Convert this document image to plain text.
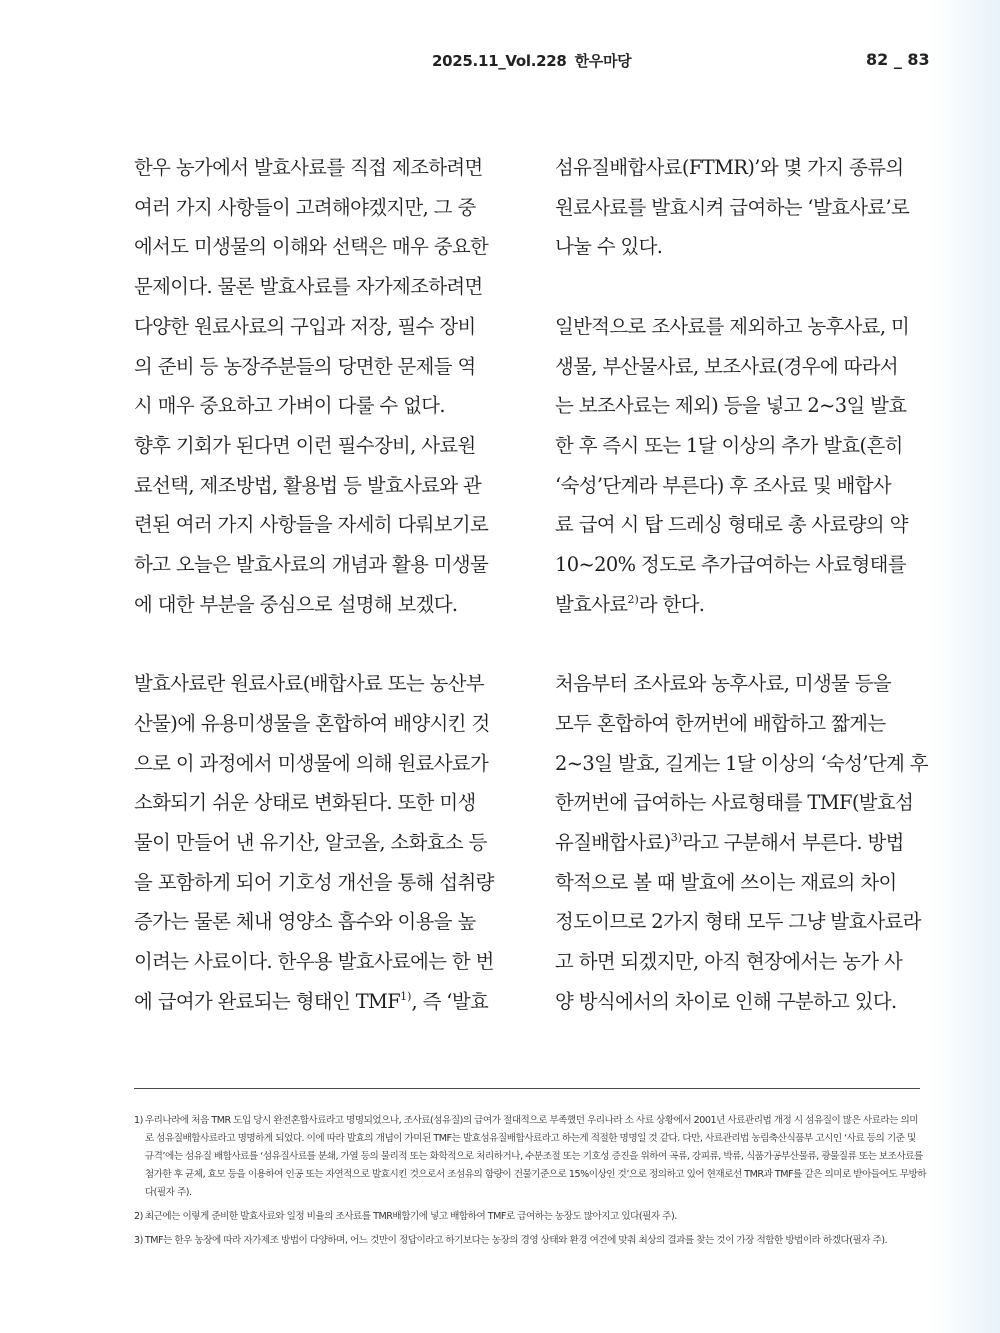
2025.11_Vol.228 한우마당	82 _ 83

한우 농가에서 발효사료를 직접 제조하려면

여러 가지 사항들이 고려해야겠지만, 그 중

에서도 미생물의 이해와 선택은 매우 중요한

문제이다. 물론 발효사료를 자가제조하려면

다양한 원료사료의 구입과 저장, 필수 장비

의 준비 등 농장주분들의 당면한 문제들 역

시 매우 중요하고 가벼이 다룰 수 없다.

향후 기회가 된다면 이런 필수장비, 사료원

료선택, 제조방법, 활용법 등 발효사료와 관

련된 여러 가지 사항들을 자세히 다뤄보기로

하고 오늘은 발효사료의 개념과 활용 미생물

에 대한 부분을 중심으로 설명해 보겠다.

발효사료란 원료사료(배합사료 또는 농산부

산물)에 유용미생물을 혼합하여 배양시킨 것

으로 이 과정에서 미생물에 의해 원료사료가

소화되기 쉬운 상태로 변화된다. 또한 미생

물이 만들어 낸 유기산, 알코올, 소화효소 등

을 포함하게 되어 기호성 개선을 통해 섭취량

증가는 물론 체내 영양소 흡수와 이용을 높

이려는 사료이다. 한우용 발효사료에는 한 번

에 급여가 완료되는 형태인 TMF$^{1)}$, 즉 ‘발효

섬유질배합사료(FTMR)’와 몇 가지 종류의

원료사료를 발효시켜 급여하는 ‘발효사료’로

나눌 수 있다.

일반적으로 조사료를 제외하고 농후사료, 미

생물, 부산물사료, 보조사료(경우에 따라서

는 보조사료는 제외) 등을 넣고 2~3일 발효

한 후 즉시 또는 1달 이상의 추가 발효(흔히

‘숙성’단계라 부른다) 후 조사료 및 배합사

료 급여 시 탑 드레싱 형태로 총 사료량의 약

10~20% 정도로 추가급여하는 사료형태를

발효사료$^{2)}$라 한다.

처음부터 조사료와 농후사료, 미생물 등을

모두 혼합하여 한꺼번에 배합하고 짧게는

2~3일 발효, 길게는 1달 이상의 ‘숙성’단계 후

한꺼번에 급여하는 사료형태를 TMF(발효섬

유질배합사료)$^{3)}$라고 구분해서 부른다. 방법

학적으로 볼 때 발효에 쓰이는 재료의 차이

정도이므로 2가지 형태 모두 그냥 발효사료라

고 하면 되겠지만, 아직 현장에서는 농가 사

양 방식에서의 차이로 인해 구분하고 있다.

1) 우리나라에 처음 TMR 도입 당시 완전혼합사료라고 명명되었으나, 조사료(섬유질)의 급여가 절대적으로 부족했던 우리나라 소 사료 상황에서 2001년 사료관리법 개정 시 섬유질이 많은 사료라는 의미로 섬유질배합사료라고 명명하게 되었다. 이에 따라 발효의 개념이 가미된 TMF는 발효섬유질배합사료라고 하는게 적절한 명명일 것 같다. 다만, 사료관리법 농림축산식품부 고시인 ‘사료 등의 기준 및 규격’에는 섬유질 배합사료를 ‘섬유질사료를 분쇄, 가열 등의 물리적 또는 화학적으로 처리하거나, 수분조절 또는 기호성 증진을 위하여 곡류, 강피류, 박류, 식품가공부산물류, 광물질류 또는 보조사료를 첨가한 후 균체, 효모 등을 이용하여 인공 또는 자연적으로 발효시킨 것으로서 조섬유의 함량이 건물기준으로 15%이상인 것’으로 정의하고 있어 현재로선 TMR과 TMF를 같은 의미로 받아들여도 무방하다(필자 주).
2) 최근에는 이렇게 준비한 발효사료와 일정 비율의 조사료를 TMR배합기에 넣고 배합하여 TMF로 급여하는 농장도 많아지고 있다(필자 주).
3) TMF는 한우 농장에 따라 자가제조 방법이 다양하며, 어느 것만이 정답이라고 하기보다는 농장의 경영 상태와 환경 여건에 맞춰 최상의 결과를 찾는 것이 가장 적합한 방법이라 하겠다(필자 주).
